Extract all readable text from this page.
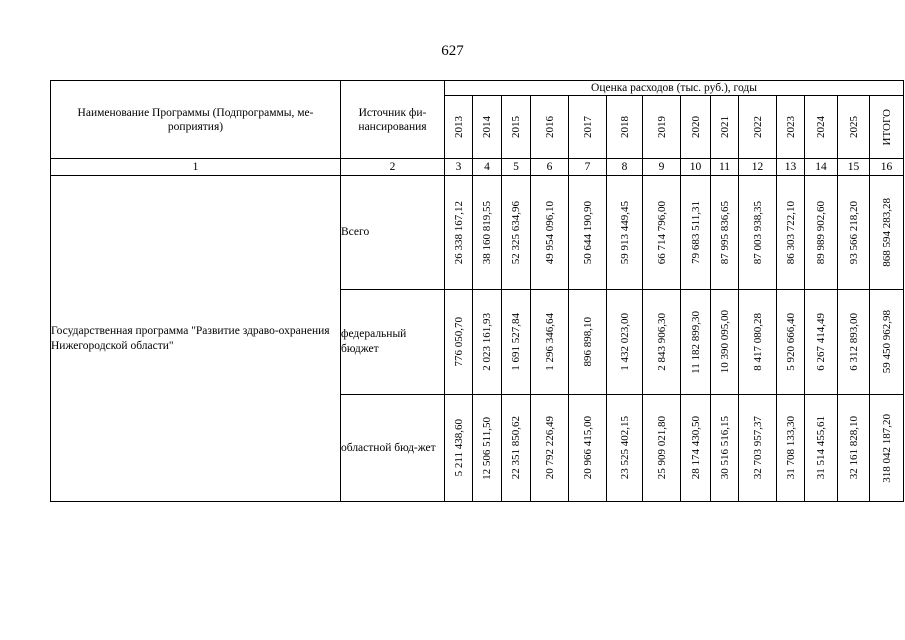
627
Наименование Программы (Подпрограммы, ме-роприятия)	Источник фи-нансирования	Оценка расходов (тыс. руб.), годы													

		2013	2014	2015	2016	2017	2018	2019	2020	2021	2022	2023	2024	2025	ИТОГО

1	2	3	4	5	6	7	8	9	10	11	12	13	14	15	16
Государственная программа "Развитие здраво-охранения Нижегородской области"	Всего	26 338 167,12	38 160 819,55	52 325 634,96	49 954 096,10	50 644 190,90	59 913 449,45	66 714 796,00	79 683 511,31	87 995 836,65	87 003 938,35	86 303 722,10	89 989 902,60	93 566 218,20	868 594 283,28

	федеральный бюджет	776 050,70	2 023 161,93	1 691 527,84	1 296 346,64	896 898,10	1 432 023,00	2 843 906,30	11 182 899,30	10 390 095,00	8 417 080,28	5 920 666,40	6 267 414,49	6 312 893,00	59 450 962,98

	областной бюд-жет	5 211 438,60	12 506 511,50	22 351 850,62	20 792 226,49	20 966 415,00	23 525 402,15	25 909 021,80	28 174 430,50	30 516 516,15	32 703 957,37	31 708 133,30	31 514 455,61	32 161 828,10	318 042 187,20
